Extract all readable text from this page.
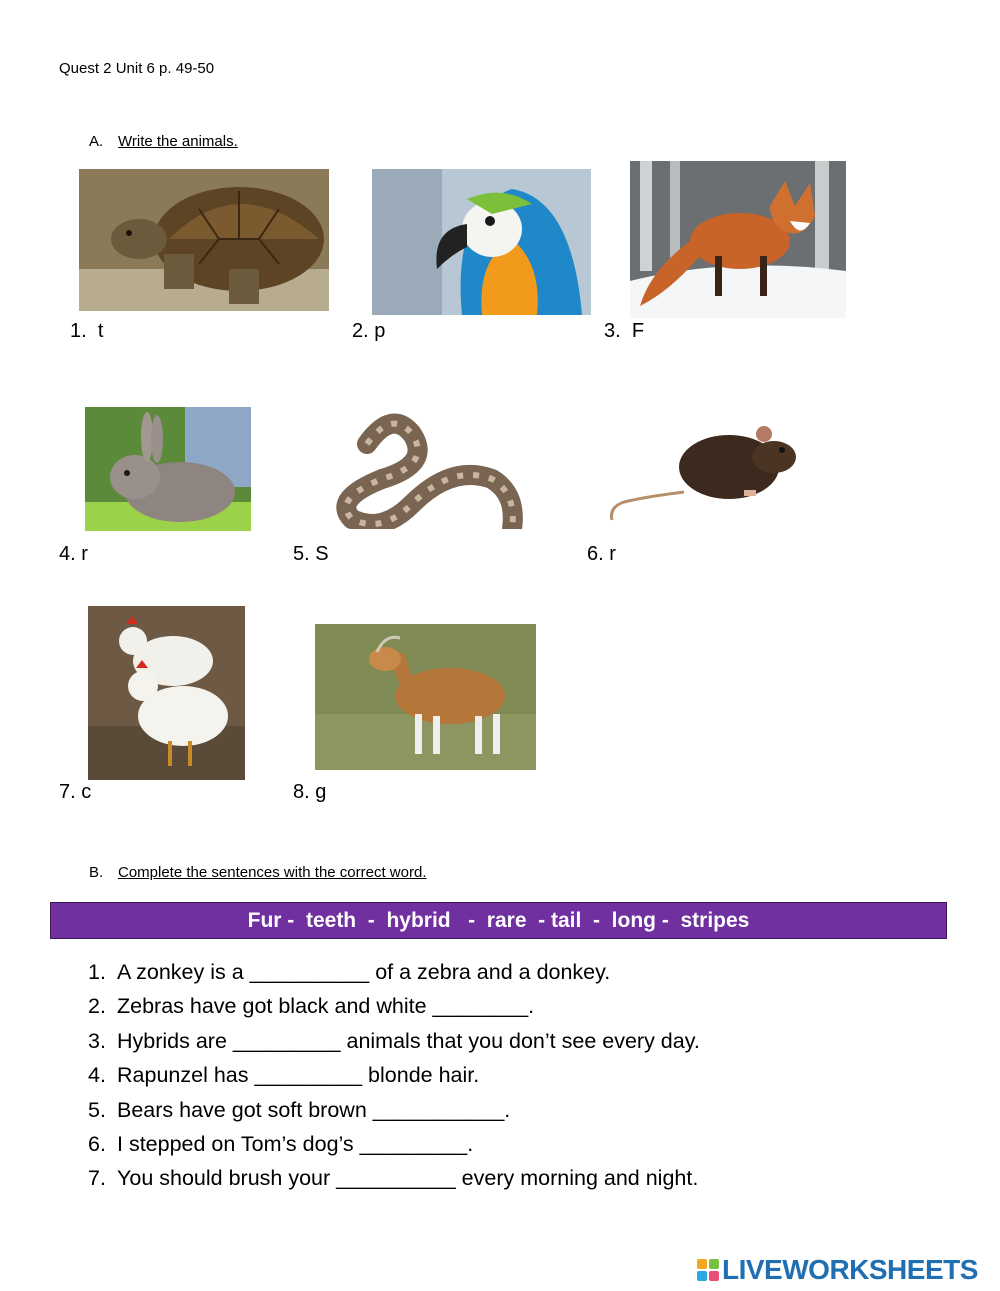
Quest 2 Unit 6 p. 49-50
A. Write the animals.
1. t	2. p	3. F
4. r	5. S	6. r
7. c	8. g
B. Complete the sentences with the correct word.
Fur -  teeth  -  hybrid   -  rare  - tail  -  long -  stripes
1. A zonkey is a __________ of a zebra and a donkey.
2. Zebras have got black and white ________.
3. Hybrids are _________ animals that you don’t see every day.
4. Rapunzel has _________ blonde hair.
5. Bears have got soft brown ___________.
6. I stepped on Tom’s dog’s _________.
7. You should brush your __________ every morning and night.
LIVEWORKSHEETS
